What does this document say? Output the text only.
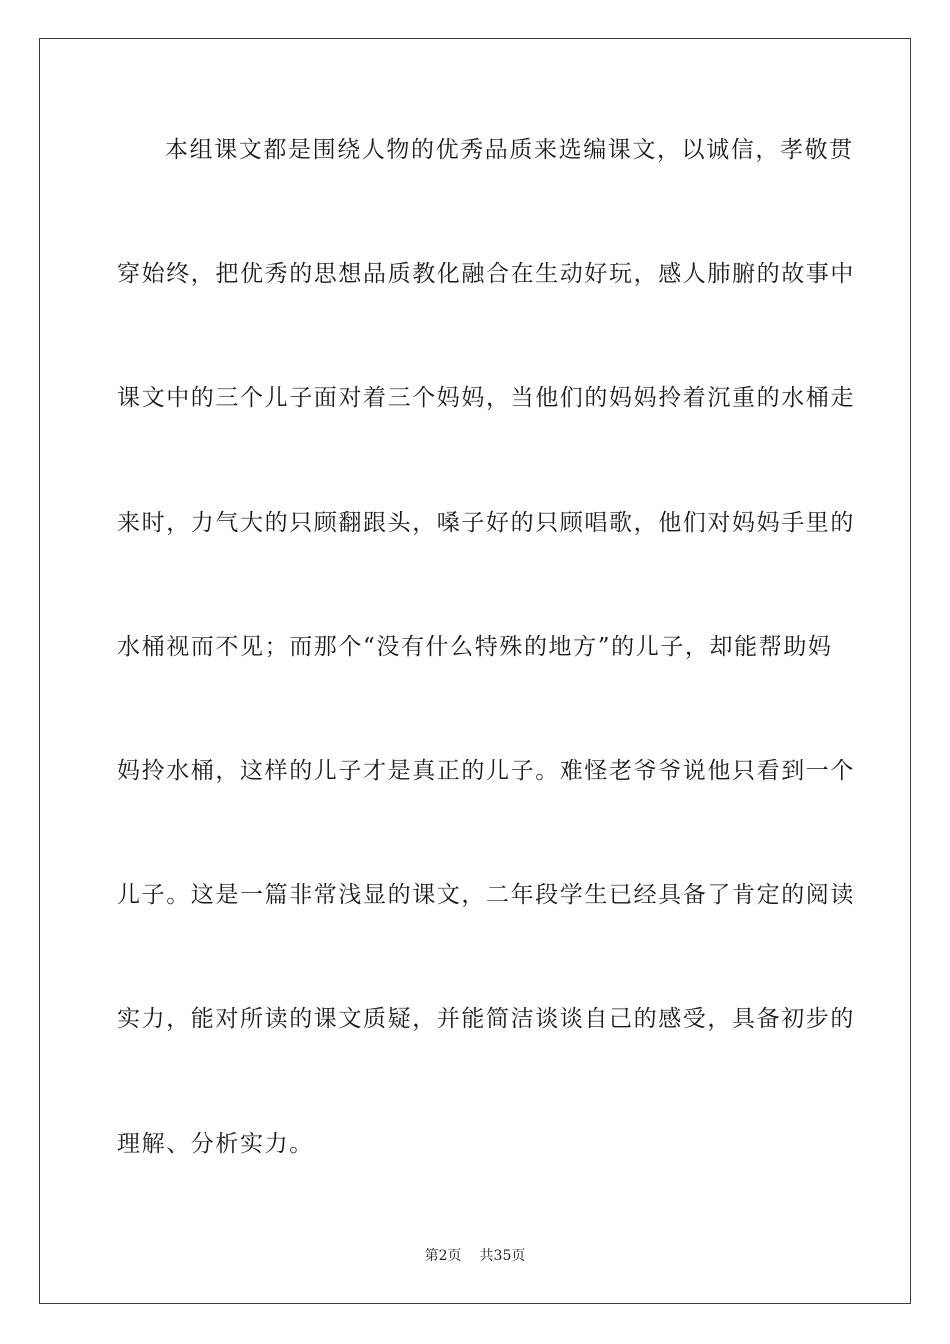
本组课文都是围绕人物的优秀品质来选编课文，以诚信，孝敬贯
穿始终，把优秀的思想品质教化融合在生动好玩，感人肺腑的故事中
课文中的三个儿子面对着三个妈妈，当他们的妈妈拎着沉重的水桶走
来时，力气大的只顾翻跟头，嗓子好的只顾唱歌，他们对妈妈手里的
水桶视而不见；而那个“没有什么特殊的地方”的儿子，却能帮助妈
妈拎水桶，这样的儿子才是真正的儿子。难怪老爷爷说他只看到一个
儿子。这是一篇非常浅显的课文，二年段学生已经具备了肯定的阅读
实力，能对所读的课文质疑，并能简洁谈谈自己的感受，具备初步的
理解、分析实力。
第2页 共35页
